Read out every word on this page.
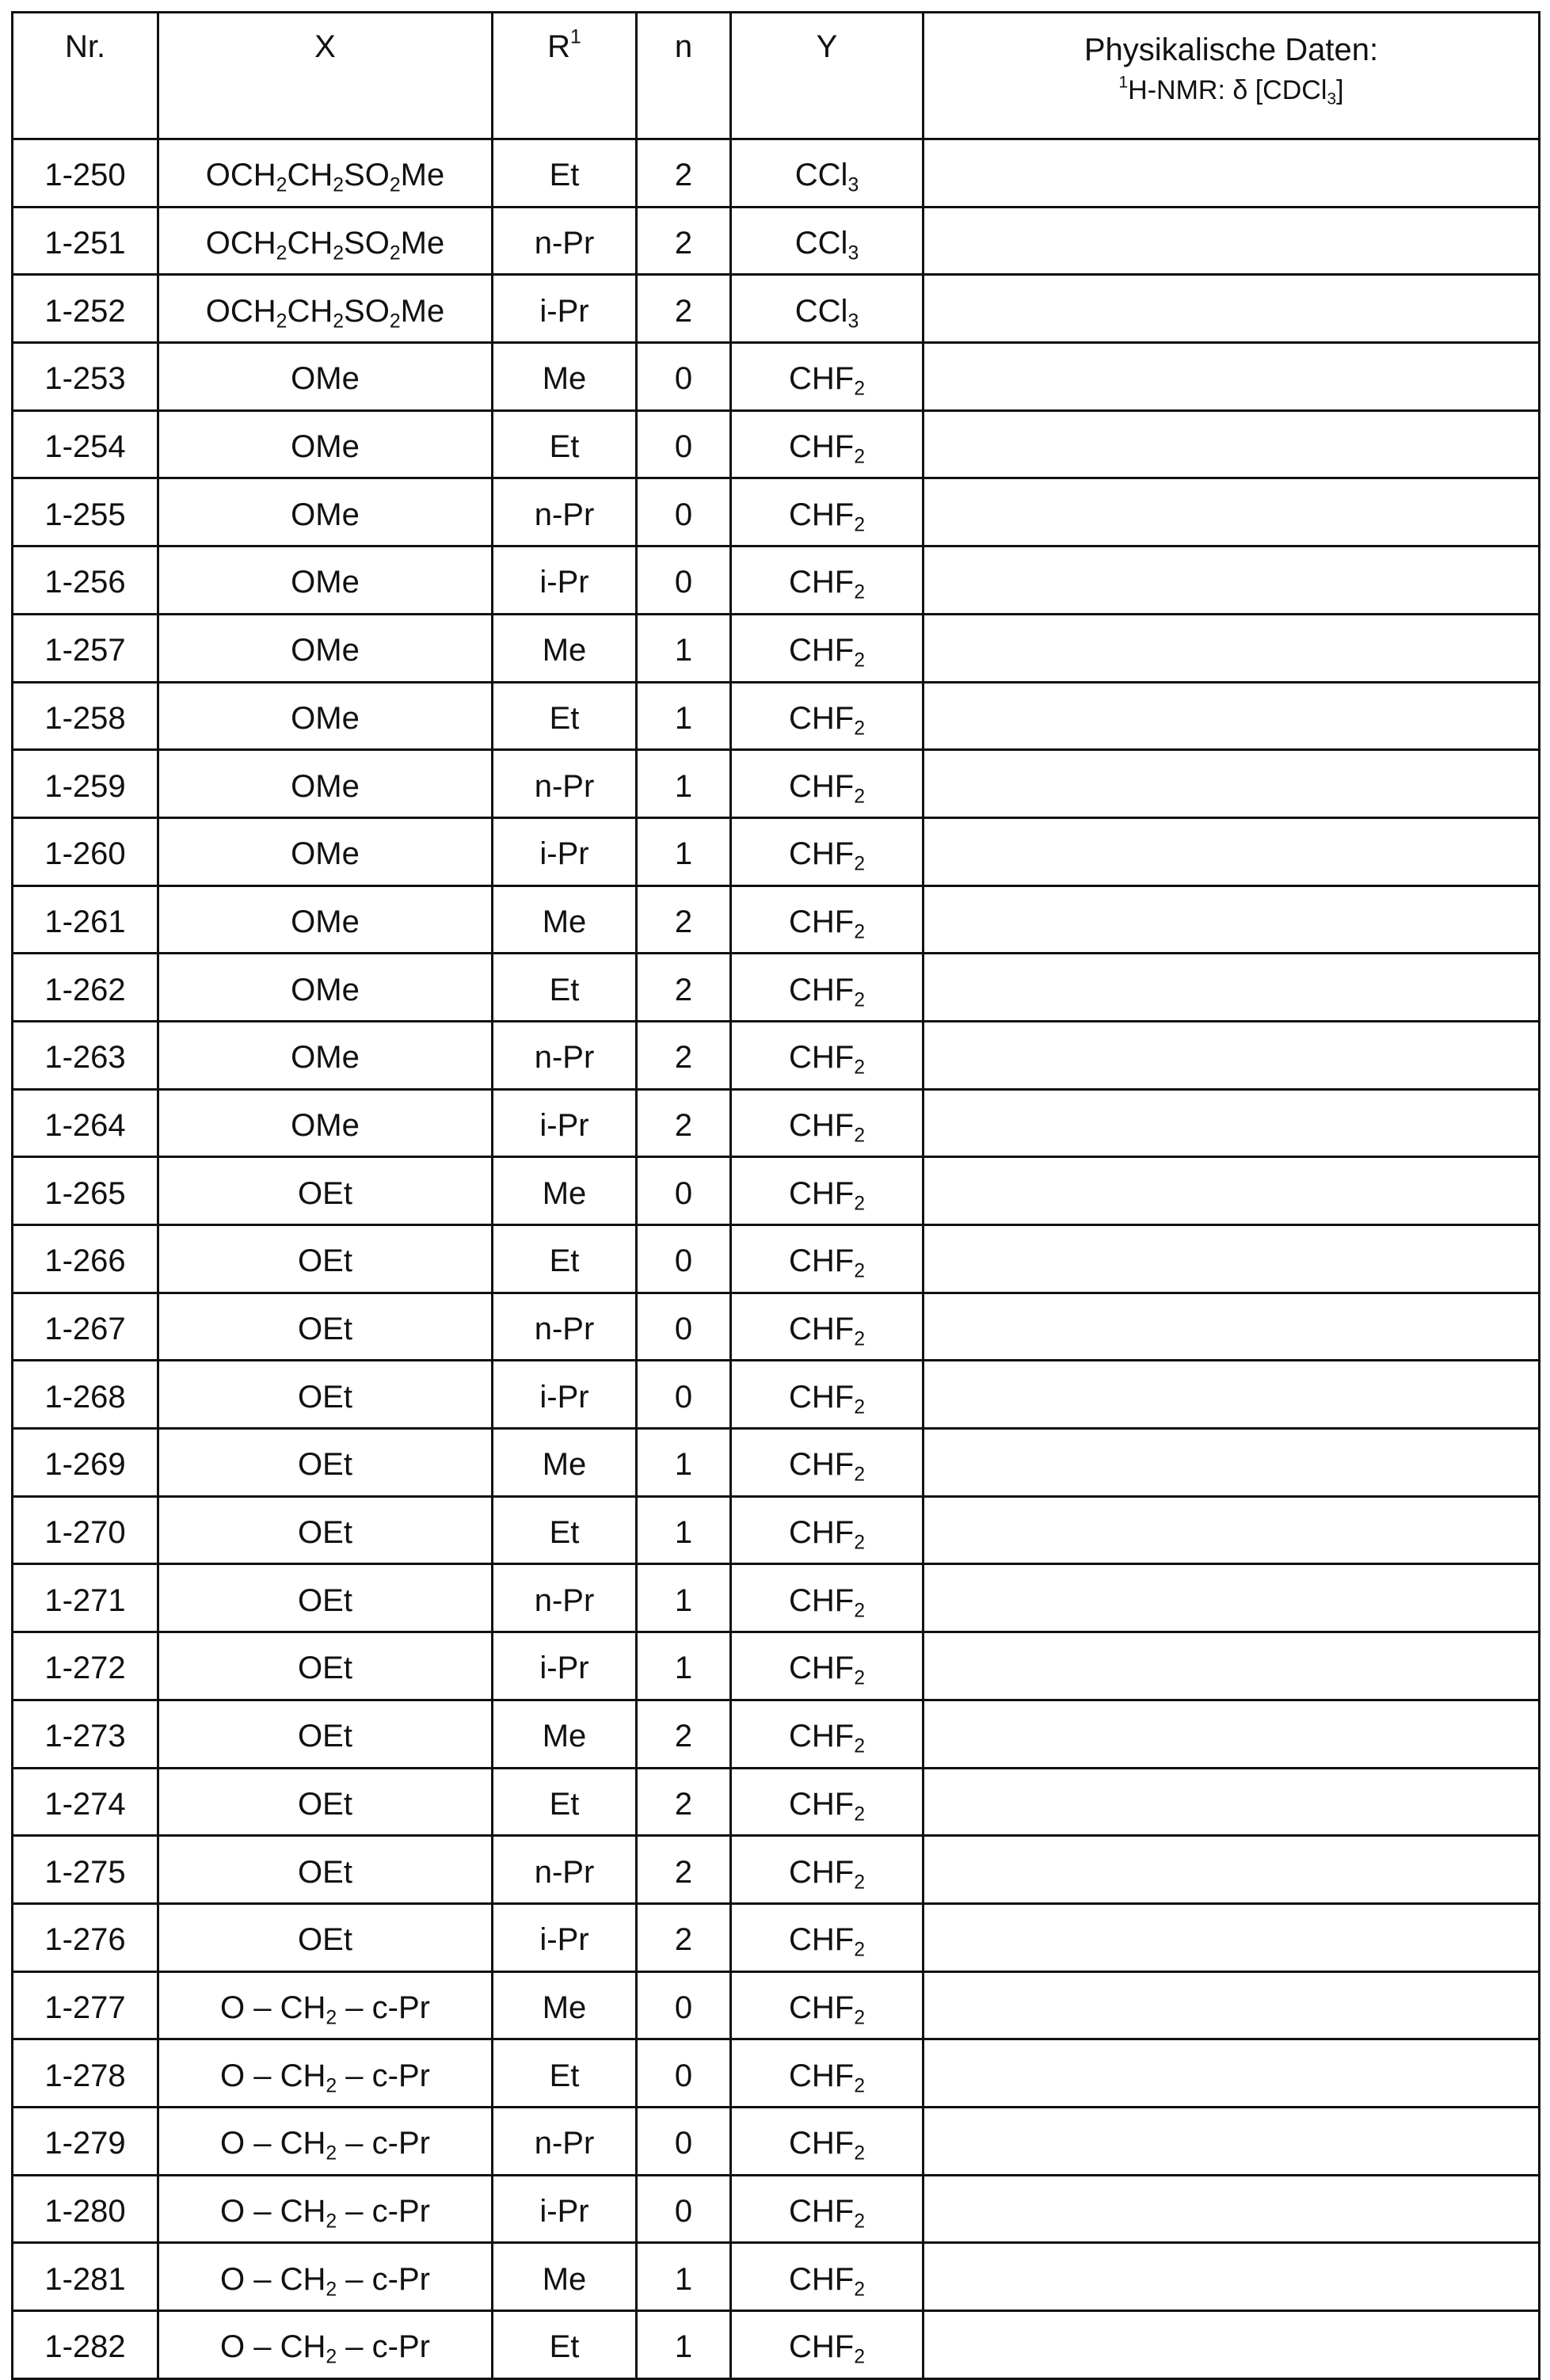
Nr.	X	$R^1$	n	Y	Physikalische Daten:
$^1$H-NMR: δ [CDCl$_3$]

1-250	$OCH_2CH_2SO_2Me$	Et	2	CCl$_3$	
1-251	$OCH_2CH_2SO_2Me$	n-Pr	2	CCl$_3$	
1-252	$OCH_2CH_2SO_2Me$	i-Pr	2	CCl$_3$	
1-253	OMe	Me	0	$CHF_2$	
1-254	OMe	Et	0	$CHF_2$	
1-255	OMe	n-Pr	0	$CHF_2$	
1-256	OMe	i-Pr	0	$CHF_2$	
1-257	OMe	Me	1	$CHF_2$	
1-258	OMe	Et	1	$CHF_2$	
1-259	OMe	n-Pr	1	$CHF_2$	
1-260	OMe	i-Pr	1	$CHF_2$	
1-261	OMe	Me	2	$CHF_2$	
1-262	OMe	Et	2	$CHF_2$	
1-263	OMe	n-Pr	2	$CHF_2$	
1-264	OMe	i-Pr	2	$CHF_2$	
1-265	OEt	Me	0	$CHF_2$	
1-266	OEt	Et	0	$CHF_2$	
1-267	OEt	n-Pr	0	$CHF_2$	
1-268	OEt	i-Pr	0	$CHF_2$	
1-269	OEt	Me	1	$CHF_2$	
1-270	OEt	Et	1	$CHF_2$	
1-271	OEt	n-Pr	1	$CHF_2$	
1-272	OEt	i-Pr	1	$CHF_2$	
1-273	OEt	Me	2	$CHF_2$	
1-274	OEt	Et	2	$CHF_2$	
1-275	OEt	n-Pr	2	$CHF_2$	
1-276	OEt	i-Pr	2	$CHF_2$	
1-277	O – $CH_2 - c-Pr$	Me	0	$CHF_2$	
1-278	O – $CH_2 - c-Pr$	Et	0	$CHF_2$	
1-279	O – $CH_2 - c-Pr$	n-Pr	0	$CHF_2$	
1-280	O – $CH_2 - c-Pr$	i-Pr	0	$CHF_2$	
1-281	O – $CH_2 - c-Pr$	Me	1	$CHF_2$	
1-282	O – $CH_2 - c-Pr$	Et	1	$CHF_2$	
